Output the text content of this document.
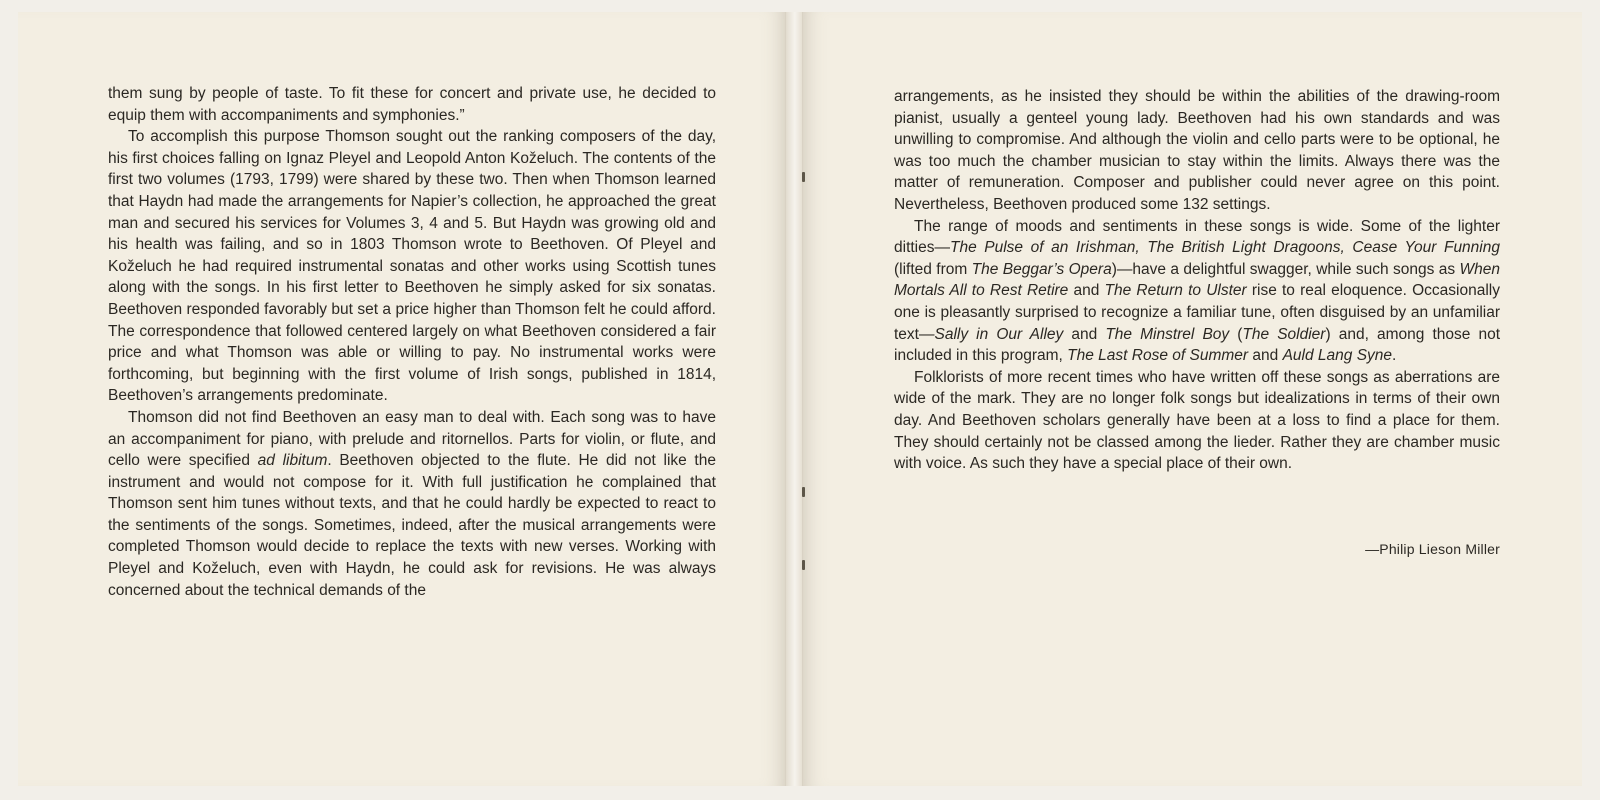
them sung by people of taste. To fit these for concert and private use, he decided to equip them with accompaniments and symphonies.”

To accomplish this purpose Thomson sought out the ranking composers of the day, his first choices falling on Ignaz Pleyel and Leopold Anton Koželuch. The contents of the first two volumes (1793, 1799) were shared by these two. Then when Thomson learned that Haydn had made the arrangements for Napier’s collection, he approached the great man and secured his services for Volumes 3, 4 and 5. But Haydn was growing old and his health was failing, and so in 1803 Thomson wrote to Beethoven. Of Pleyel and Koželuch he had required instrumental sonatas and other works using Scottish tunes along with the songs. In his first letter to Beethoven he simply asked for six sonatas. Beethoven responded favorably but set a price higher than Thomson felt he could afford. The correspondence that followed centered largely on what Beethoven considered a fair price and what Thomson was able or willing to pay. No instrumental works were forthcoming, but beginning with the first volume of Irish songs, published in 1814, Beethoven’s arrangements predominate.

Thomson did not find Beethoven an easy man to deal with. Each song was to have an accompaniment for piano, with prelude and ritornellos. Parts for violin, or flute, and cello were specified ad libitum. Beethoven objected to the flute. He did not like the instrument and would not compose for it. With full justification he complained that Thomson sent him tunes without texts, and that he could hardly be expected to react to the sentiments of the songs. Sometimes, indeed, after the musical arrangements were completed Thomson would decide to replace the texts with new verses. Working with Pleyel and Koželuch, even with Haydn, he could ask for revisions. He was always concerned about the technical demands of the

arrangements, as he insisted they should be within the abilities of the drawing-room pianist, usually a genteel young lady. Beethoven had his own standards and was unwilling to compromise. And although the violin and cello parts were to be optional, he was too much the chamber musician to stay within the limits. Always there was the matter of remuneration. Composer and publisher could never agree on this point. Nevertheless, Beethoven produced some 132 settings.

The range of moods and sentiments in these songs is wide. Some of the lighter ditties—The Pulse of an Irishman, The British Light Dragoons, Cease Your Funning (lifted from The Beggar’s Opera)—have a delightful swagger, while such songs as When Mortals All to Rest Retire and The Return to Ulster rise to real eloquence. Occasionally one is pleasantly surprised to recognize a familiar tune, often disguised by an unfamiliar text—Sally in Our Alley and The Minstrel Boy (The Soldier) and, among those not included in this program, The Last Rose of Summer and Auld Lang Syne.

Folklorists of more recent times who have written off these songs as aberrations are wide of the mark. They are no longer folk songs but idealizations in terms of their own day. And Beethoven scholars generally have been at a loss to find a place for them. They should certainly not be classed among the lieder. Rather they are chamber music with voice. As such they have a special place of their own.

—Philip Lieson Miller
